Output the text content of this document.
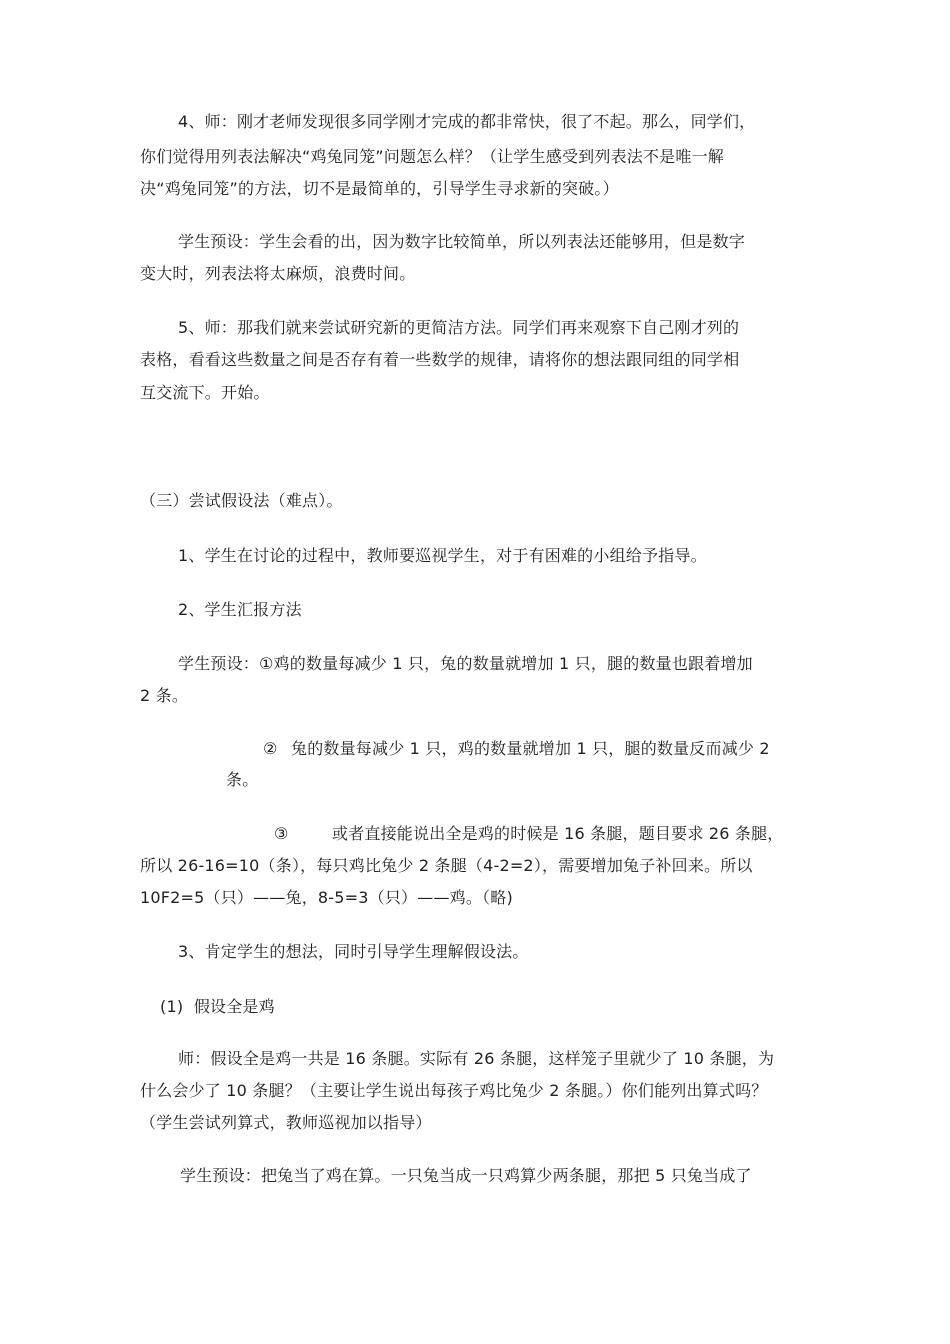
4、师：刚才老师发现很多同学刚才完成的都非常快，很了不起。那么，同学们，
你们觉得用列表法解决“鸡兔同笼”问题怎么样？（让学生感受到列表法不是唯一解
决“鸡兔同笼”的方法，切不是最简单的，引导学生寻求新的突破。）
学生预设：学生会看的出，因为数字比较简单，所以列表法还能够用，但是数字
变大时，列表法将太麻烦，浪费时间。
5、师：那我们就来尝试研究新的更简洁方法。同学们再来观察下自己刚才列的
表格，看看这些数量之间是否存有着一些数学的规律，请将你的想法跟同组的同学相
互交流下。开始。
（三）尝试假设法（难点）。
1、学生在讨论的过程中，教师要巡视学生，对于有困难的小组给予指导。
2、学生汇报方法
学生预设：①鸡的数量每减少 1 只，兔的数量就增加 1 只，腿的数量也跟着增加
2 条。
② 兔的数量每减少 1 只，鸡的数量就增加 1 只，腿的数量反而减少 2
条。
③	或者直接能说出全是鸡的时候是 16 条腿，题目要求 26 条腿，
所以 26-16=10（条），每只鸡比兔少 2 条腿（4-2=2），需要增加兔子补回来。所以
10F2=5（只）——兔，8-5=3（只）——鸡。（略)
3、肯定学生的想法，同时引导学生理解假设法。
(1)  假设全是鸡
师：假设全是鸡一共是 16 条腿。实际有 26 条腿，这样笼子里就少了 10 条腿，为
什么会少了 10 条腿？（主要让学生说出每孩子鸡比兔少 2 条腿。）你们能列出算式吗？
（学生尝试列算式，教师巡视加以指导）
学生预设：把兔当了鸡在算。一只兔当成一只鸡算少两条腿，那把 5 只兔当成了
